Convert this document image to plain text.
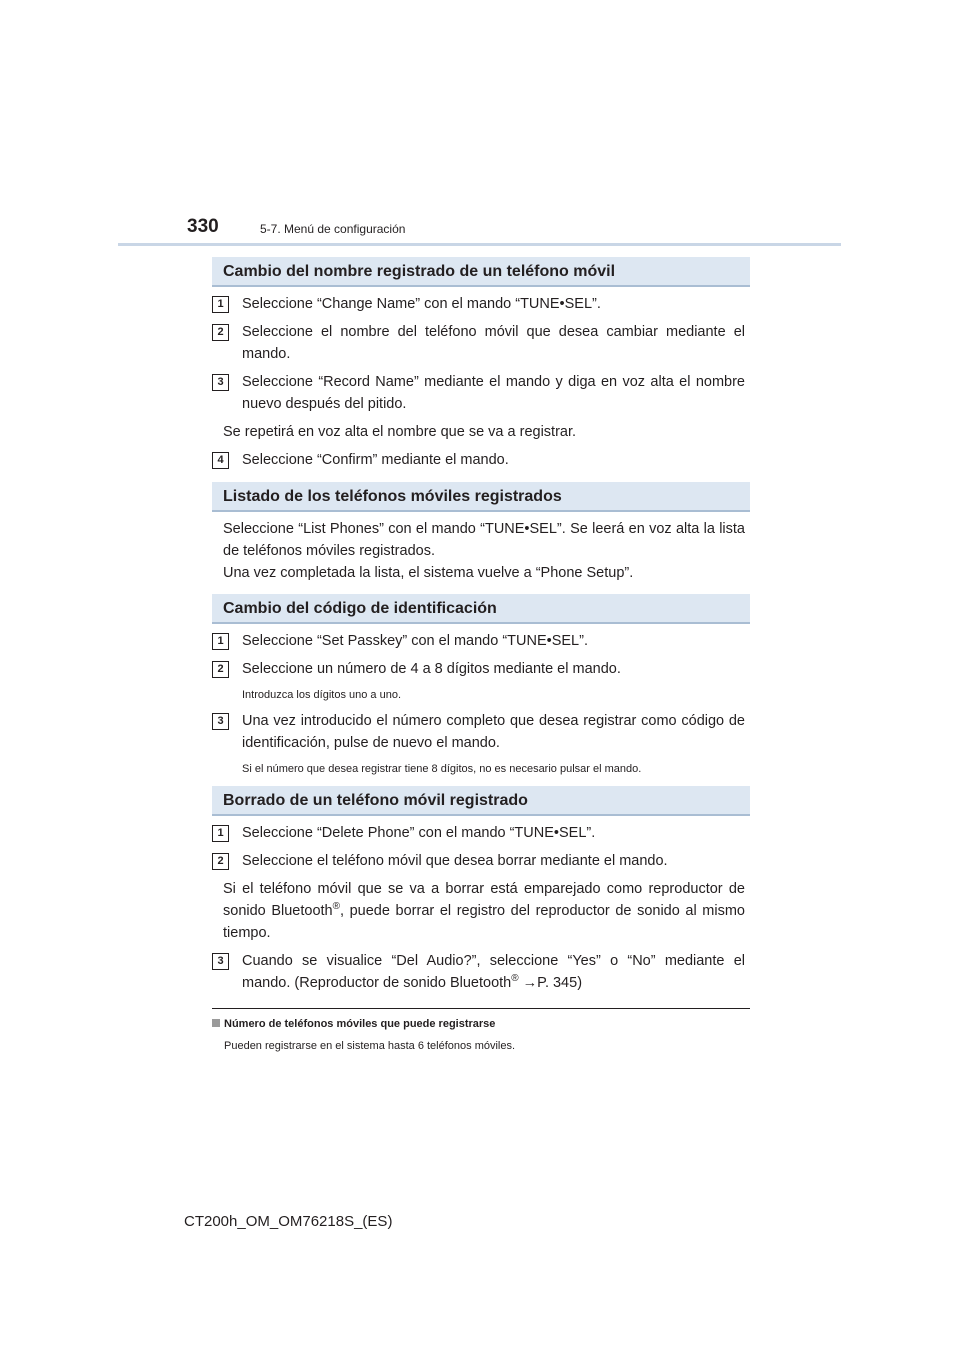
330	5-7. Menú de configuración
Cambio del nombre registrado de un teléfono móvil
1	Seleccione “Change Name” con el mando “TUNE•SEL”.
2	Seleccione el nombre del teléfono móvil que desea cambiar mediante el mando.
3	Seleccione “Record Name” mediante el mando y diga en voz alta el nombre nuevo después del pitido.
Se repetirá en voz alta el nombre que se va a registrar.
4	Seleccione “Confirm” mediante el mando.
Listado de los teléfonos móviles registrados
Seleccione “List Phones” con el mando “TUNE•SEL”. Se leerá en voz alta la lista de teléfonos móviles registrados.
Una vez completada la lista, el sistema vuelve a “Phone Setup”.
Cambio del código de identificación
1	Seleccione “Set Passkey” con el mando “TUNE•SEL”.
2	Seleccione un número de 4 a 8 dígitos mediante el mando.
Introduzca los dígitos uno a uno.
3	Una vez introducido el número completo que desea registrar como código de identificación, pulse de nuevo el mando.
Si el número que desea registrar tiene 8 dígitos, no es necesario pulsar el mando.
Borrado de un teléfono móvil registrado
1	Seleccione “Delete Phone” con el mando “TUNE•SEL”.
2	Seleccione el teléfono móvil que desea borrar mediante el mando.
Si el teléfono móvil que se va a borrar está emparejado como reproductor de sonido Bluetooth®, puede borrar el registro del reproductor de sonido al mismo tiempo.
3	Cuando se visualice “Del Audio?”, seleccione “Yes” o “No” mediante el mando. (Reproductor de sonido Bluetooth® →P. 345)
Número de teléfonos móviles que puede registrarse
Pueden registrarse en el sistema hasta 6 teléfonos móviles.
CT200h_OM_OM76218S_(ES)
